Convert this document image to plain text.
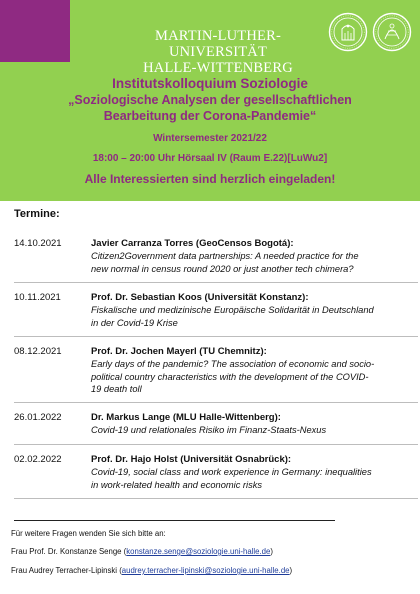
MARTIN-LUTHER-UNIVERSITÄT
HALLE-WITTENBERG
Institutskolloquium Soziologie
„Soziologische Analysen der gesellschaftlichen
Bearbeitung der Corona-Pandemie“
Wintersemester 2021/22
18:00 – 20:00 Uhr Hörsaal IV (Raum E.22)[LuWu2]
Alle Interessierten sind herzlich eingeladen!
Termine:
14.10.2021	Javier Carranza Torres (GeoCensos Bogotá):
Citizen2Government data partnerships: A needed practice for the
new normal in census round 2020 or just another tech chimera?
10.11.2021	Prof. Dr. Sebastian Koos (Universität Konstanz):
Fiskalische und medizinische Europäische Solidarität in Deutschland
in der Covid-19 Krise
08.12.2021	Prof. Dr. Jochen Mayerl (TU Chemnitz):
Early days of the pandemic? The association of economic and socio-
political country characteristics with the development of the COVID-
19 death toll
26.01.2022	Dr. Markus Lange (MLU Halle-Wittenberg):
Covid-19 und relationales Risiko im Finanz-Staats-Nexus
02.02.2022	Prof. Dr. Hajo Holst (Universität Osnabrück):
Covid-19, social class and work experience in Germany: inequalities
in work-related health and economic risks
Für weitere Fragen wenden Sie sich bitte an:
Frau Prof. Dr. Konstanze Senge (konstanze.senge@soziologie.uni-halle.de)
Frau Audrey Terracher-Lipinski (audrey.terracher-lipinski@soziologie.uni-halle.de)
